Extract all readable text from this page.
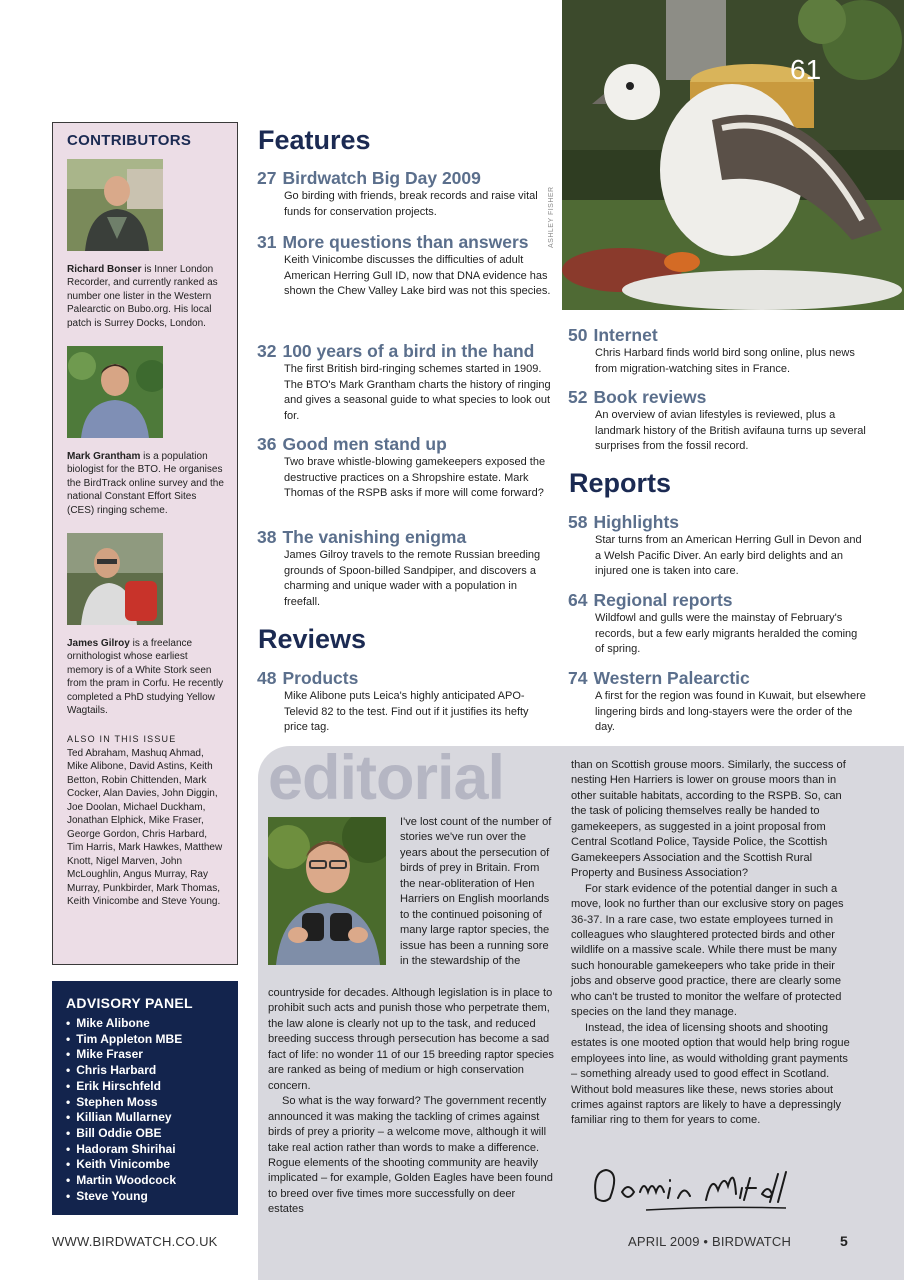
CONTRIBUTORS

Richard Bonser is Inner London Recorder, and currently ranked as number one lister in the Western Palearctic on Bubo.org. His local patch is Surrey Docks, London.

Mark Grantham is a population biologist for the BTO. He organises the BirdTrack online survey and the national Constant Effort Sites (CES) ringing scheme.

James Gilroy is a freelance ornithologist whose earliest memory is of a White Stork seen from the pram in Corfu. He recently completed a PhD studying Yellow Wagtails.

ALSO IN THIS ISSUE

Ted Abraham, Mashuq Ahmad, Mike Alibone, David Astins, Keith Betton, Robin Chittenden, Mark Cocker, Alan Davies, John Diggin, Joe Doolan, Michael Duckham, Jonathan Elphick, Mike Fraser, George Gordon, Chris Harbard, Tim Harris, Mark Hawkes, Matthew Knott, Nigel Marven, John McLoughlin, Angus Murray, Ray Murray, Punkbirder, Mark Thomas, Keith Vinicombe and Steve Young.

ADVISORY PANEL
• Mike Alibone
• Tim Appleton MBE
• Mike Fraser
• Chris Harbard
• Erik Hirschfeld
• Stephen Moss
• Killian Mullarney
• Bill Oddie OBE
• Hadoram Shirihai
• Keith Vinicombe
• Martin Woodcock
• Steve Young
61
ASHLEY FISHER
Features
27 Birdwatch Big Day 2009

Go birding with friends, break records and raise vital funds for conservation projects.

31 More questions than answers

Keith Vinicombe discusses the difficulties of adult American Herring Gull ID, now that DNA evidence has shown the Chew Valley Lake bird was not this species.

32 100 years of a bird in the hand

The first British bird-ringing schemes started in 1909. The BTO's Mark Grantham charts the history of ringing and gives a seasonal guide to what species to look out for.

36 Good men stand up

Two brave whistle-blowing gamekeepers exposed the destructive practices on a Shropshire estate. Mark Thomas of the RSPB asks if more will come forward?

38 The vanishing enigma

James Gilroy travels to the remote Russian breeding grounds of Spoon-billed Sandpiper, and discovers a charming and unique wader with a population in freefall.

Reviews
48 Products

Mike Alibone puts Leica's highly anticipated APO-Televid 82 to the test. Find out if it justifies its hefty price tag.

50 Internet

Chris Harbard finds world bird song online, plus news from migration-watching sites in France.

52 Book reviews

An overview of avian lifestyles is reviewed, plus a landmark history of the British avifauna turns up several surprises from the fossil record.

Reports
58 Highlights

Star turns from an American Herring Gull in Devon and a Welsh Pacific Diver. An early bird delights and an injured one is taken into care.

64 Regional reports

Wildfowl and gulls were the mainstay of February's records, but a few early migrants heralded the coming of spring.

74 Western Palearctic

A first for the region was found in Kuwait, but elsewhere lingering birds and long-stayers were the order of the day.

editorial

I've lost count of the number of stories we've run over the years about the persecution of birds of prey in Britain. From the near-obliteration of Hen Harriers on English moorlands to the continued poisoning of many large raptor species, the issue has been a running sore in the stewardship of the

countryside for decades. Although legislation is in place to prohibit such acts and punish those who perpetrate them, the law alone is clearly not up to the task, and reduced breeding success through persecution has become a sad fact of life: no wonder 11 of our 15 breeding raptor species are ranked as being of medium or high conservation concern.

So what is the way forward? The government recently announced it was making the tackling of crimes against birds of prey a priority – a welcome move, although it will take real action rather than words to make a difference. Rogue elements of the shooting community are heavily implicated – for example, Golden Eagles have been found to breed over five times more successfully on deer estates

than on Scottish grouse moors. Similarly, the success of nesting Hen Harriers is lower on grouse moors than in other suitable habitats, according to the RSPB. So, can the task of policing themselves really be handed to gamekeepers, as suggested in a joint proposal from Central Scotland Police, Tayside Police, the Scottish Gamekeepers Association and the Scottish Rural Property and Business Association?

For stark evidence of the potential danger in such a move, look no further than our exclusive story on pages 36-37. In a rare case, two estate employees turned in colleagues who slaughtered protected birds and other wildlife on a massive scale. While there must be many such honourable gamekeepers who take pride in their jobs and observe good practice, there are clearly some who can't be trusted to monitor the welfare of protected species on the land they manage.

Instead, the idea of licensing shoots and shooting estates is one mooted option that would help bring rogue employees into line, as would witholding grant payments – something already used to good effect in Scotland. Without bold measures like these, news stories about crimes against raptors are likely to have a depressingly familiar ring to them for years to come.

WWW.BIRDWATCH.CO.UK	APRIL 2009 • BIRDWATCH	5
